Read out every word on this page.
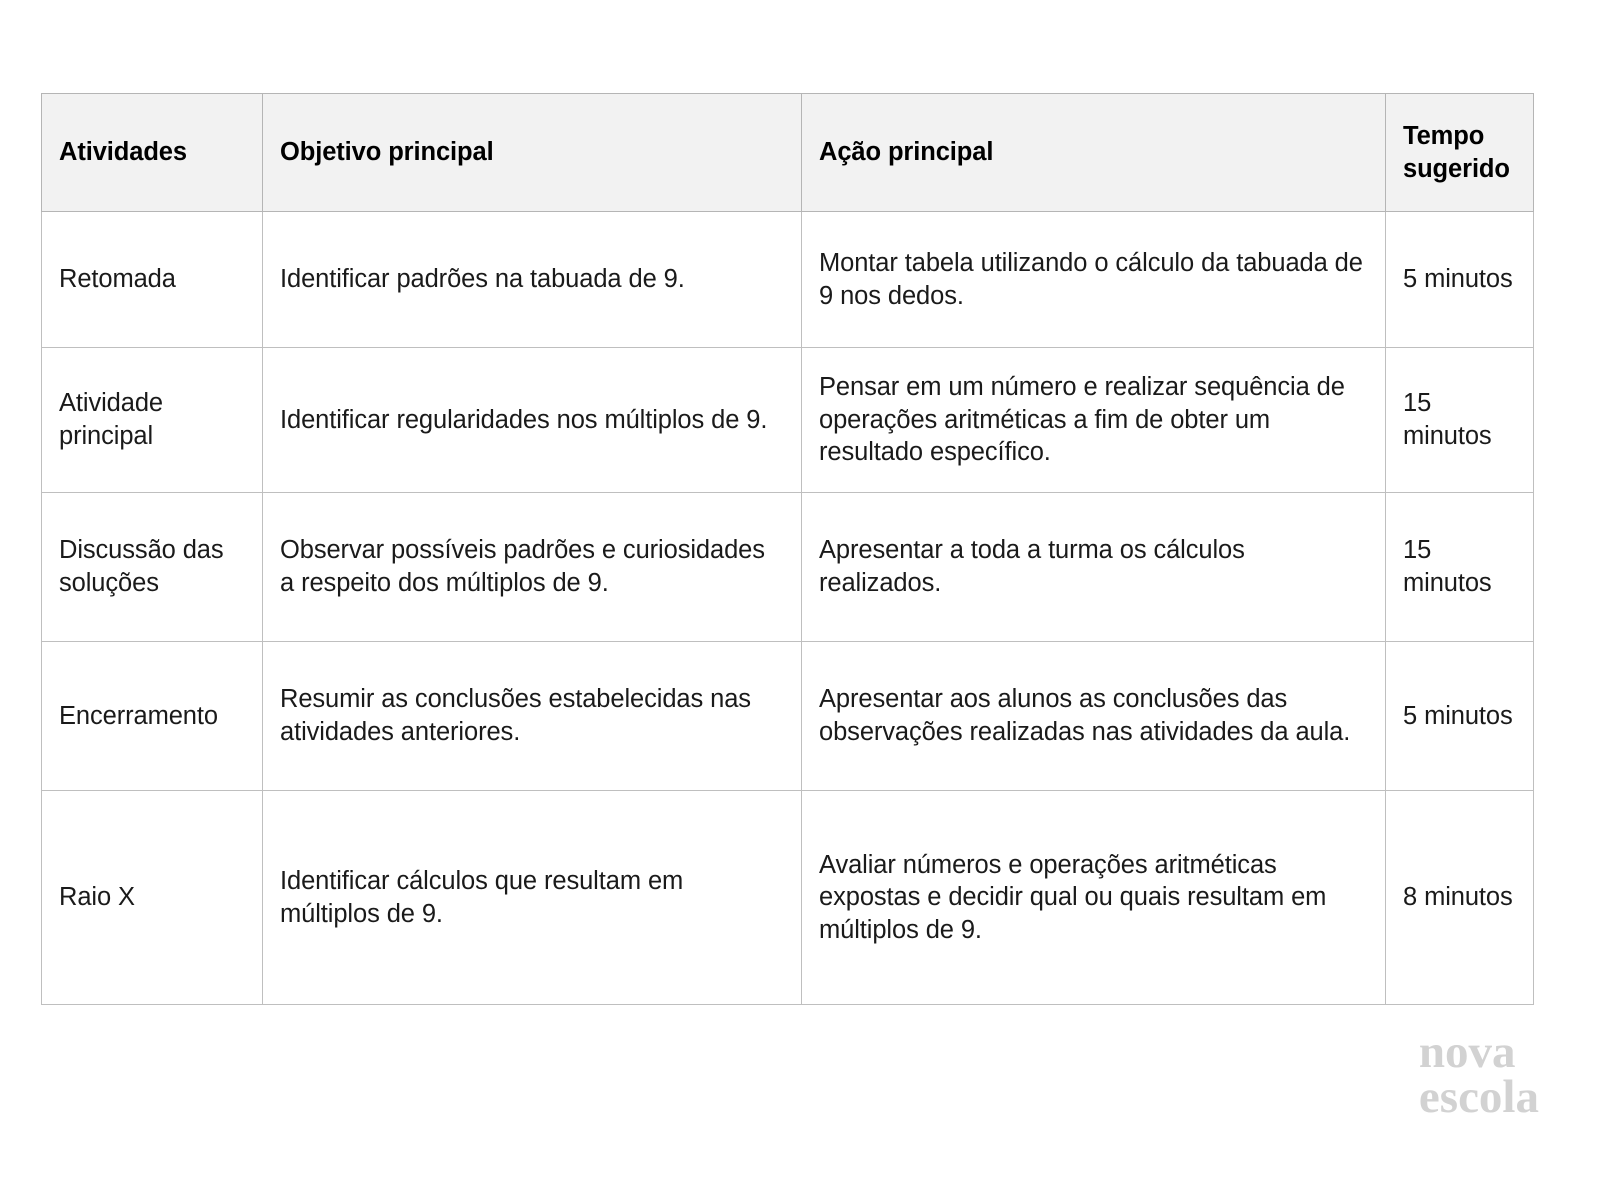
Atividades	Objetivo principal	Ação principal	Tempo sugerido
Retomada	Identificar padrões na tabuada de 9.	Montar tabela utilizando o cálculo da tabuada de 9 nos dedos.	5 minutos
Atividade principal	Identificar regularidades nos múltiplos de 9.	Pensar em um número e realizar sequência de operações aritméticas a fim de obter um resultado específico.	15 minutos
Discussão das soluções	Observar possíveis padrões e curiosidades a respeito dos múltiplos de 9.	Apresentar a toda a turma os cálculos realizados.	15 minutos
Encerramento	Resumir as conclusões estabelecidas nas atividades anteriores.	Apresentar aos alunos as conclusões das observações realizadas nas atividades da aula.	5 minutos
Raio X	Identificar cálculos que resultam em múltiplos de 9.	Avaliar números e operações aritméticas expostas e decidir qual ou quais resultam em múltiplos de 9.	8 minutos
nova
escola
